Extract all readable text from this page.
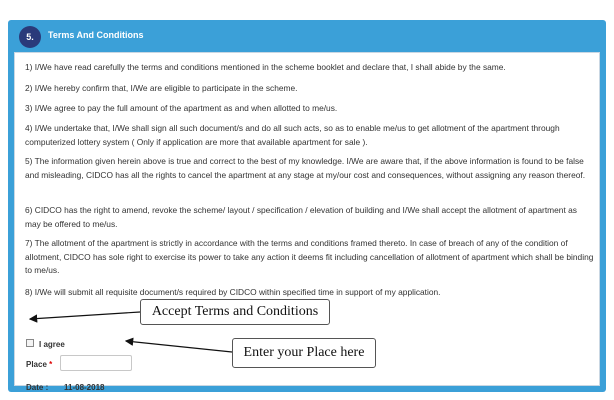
5.	Terms And Conditions
1) I/We have read carefully the terms and conditions mentioned in the scheme booklet and declare that, I shall abide by the same.
2) I/We hereby confirm that, I/We are eligible to participate in the scheme.
3) I/We agree to pay the full amount of the apartment as and when allotted to me/us.
4) I/We undertake that, I/We shall sign all such document/s and do all such acts, so as to enable me/us to get allotment of the apartment through computerized lottery system ( Only if application are more that available apartment for sale ).
5) The information given herein above is true and correct to the best of my knowledge. I/We are aware that, if the above information is found to be false and misleading, CIDCO has all the rights to cancel the apartment at any stage at my/our cost and consequences, without assigning any reason thereof.
6) CIDCO has the right to amend, revoke the scheme/ layout / specification / elevation of building and I/We shall accept the allotment of apartment as may be offered to me/us.
7) The allotment of the apartment is strictly in accordance with the terms and conditions framed thereto. In case of breach of any of the condition of allotment, CIDCO has sole right to exercise its power to take any action it deems fit including cancellation of allotment of apartment which shall be binding to me/us.
8) I/We will submit all requisite document/s required by CIDCO within specified time in support of my application.
I agree
Place *
Date : 11-08-2018
Accept Terms and Conditions
Enter your Place here
